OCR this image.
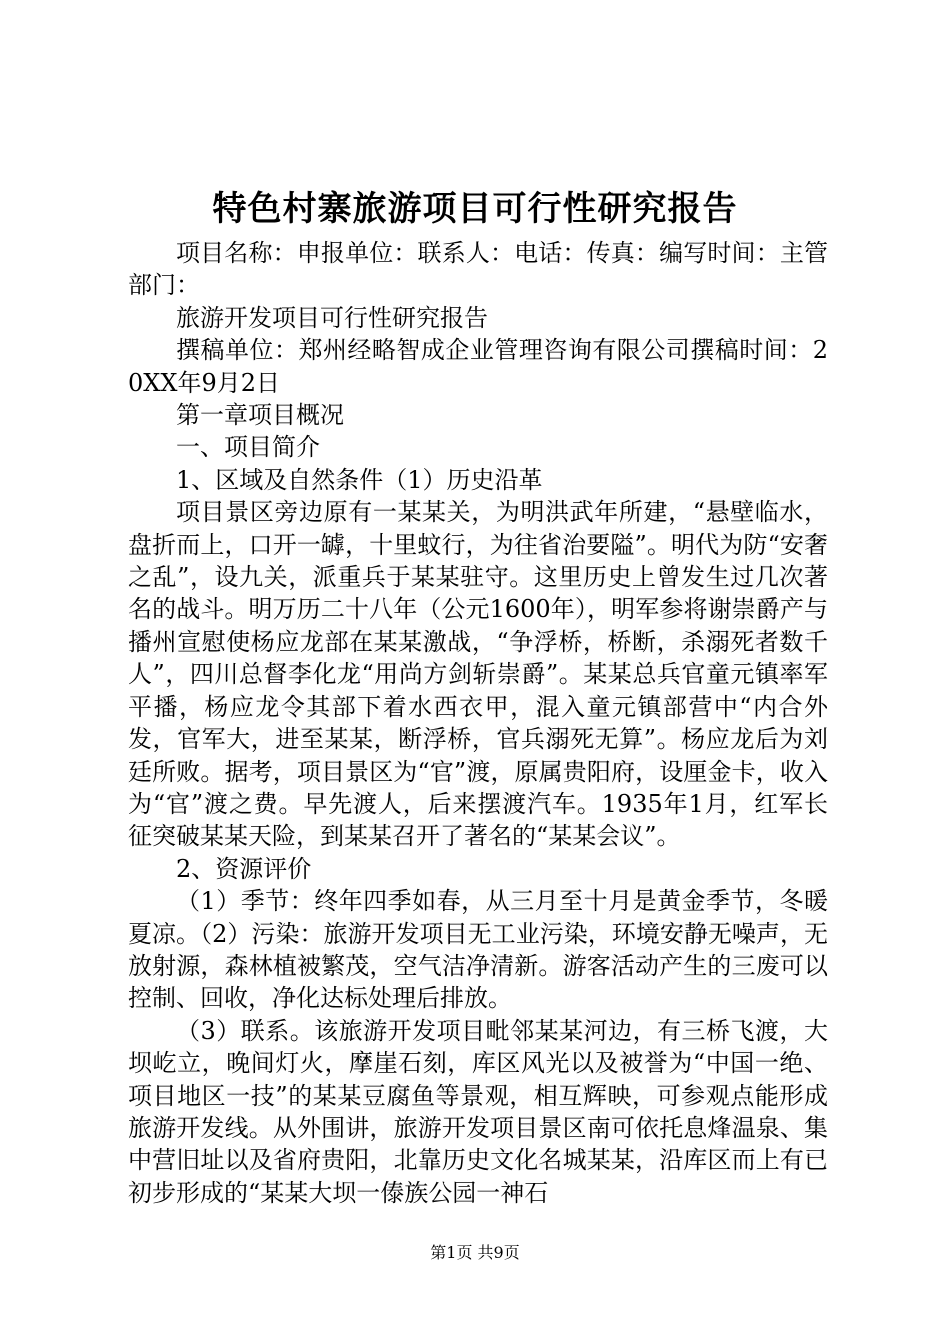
特色村寨旅游项目可行性研究报告

项目名称：申报单位：联系人：电话：传真：编写时间：主管部门：

旅游开发项目可行性研究报告

撰稿单位：郑州经略智成企业管理咨询有限公司撰稿时间：20XX年9月2日

第一章项目概况

一、项目简介

1、区域及自然条件（1）历史沿革

项目景区旁边原有一某某关，为明洪武年所建，“悬壁临水，盘折而上，口开一罅，十里蚊行，为往省治要隘”。明代为防“安奢之乱”，设九关，派重兵于某某驻守。这里历史上曾发生过几次著名的战斗。明万历二十八年（公元1600年），明军参将谢崇爵产与播州宣慰使杨应龙部在某某激战，“争浮桥，桥断，杀溺死者数千人”，四川总督李化龙“用尚方剑斩崇爵”。某某总兵官童元镇率军平播，杨应龙令其部下着水西衣甲，混入童元镇部营中“内合外发，官军大，进至某某，断浮桥，官兵溺死无算”。杨应龙后为刘廷所败。据考，项目景区为“官”渡，原属贵阳府，设厘金卡，收入为“官”渡之费。早先渡人，后来摆渡汽车。1935年1月，红军长征突破某某天险，到某某召开了著名的“某某会议”。

2、资源评价

（1）季节：终年四季如春，从三月至十月是黄金季节，冬暖夏凉。（2）污染：旅游开发项目无工业污染，环境安静无噪声，无放射源，森林植被繁茂，空气洁净清新。游客活动产生的三废可以控制、回收，净化达标处理后排放。

（3）联系。该旅游开发项目毗邻某某河边，有三桥飞渡，大坝屹立，晚间灯火，摩崖石刻，库区风光以及被誉为“中国一绝、项目地区一技”的某某豆腐鱼等景观，相互辉映，可参观点能形成旅游开发线。从外围讲，旅游开发项目景区南可依托息烽温泉、集中营旧址以及省府贵阳，北靠历史文化名城某某，沿库区而上有已初步形成的“某某大坝一傣族公园一神石

第1页 共9页
